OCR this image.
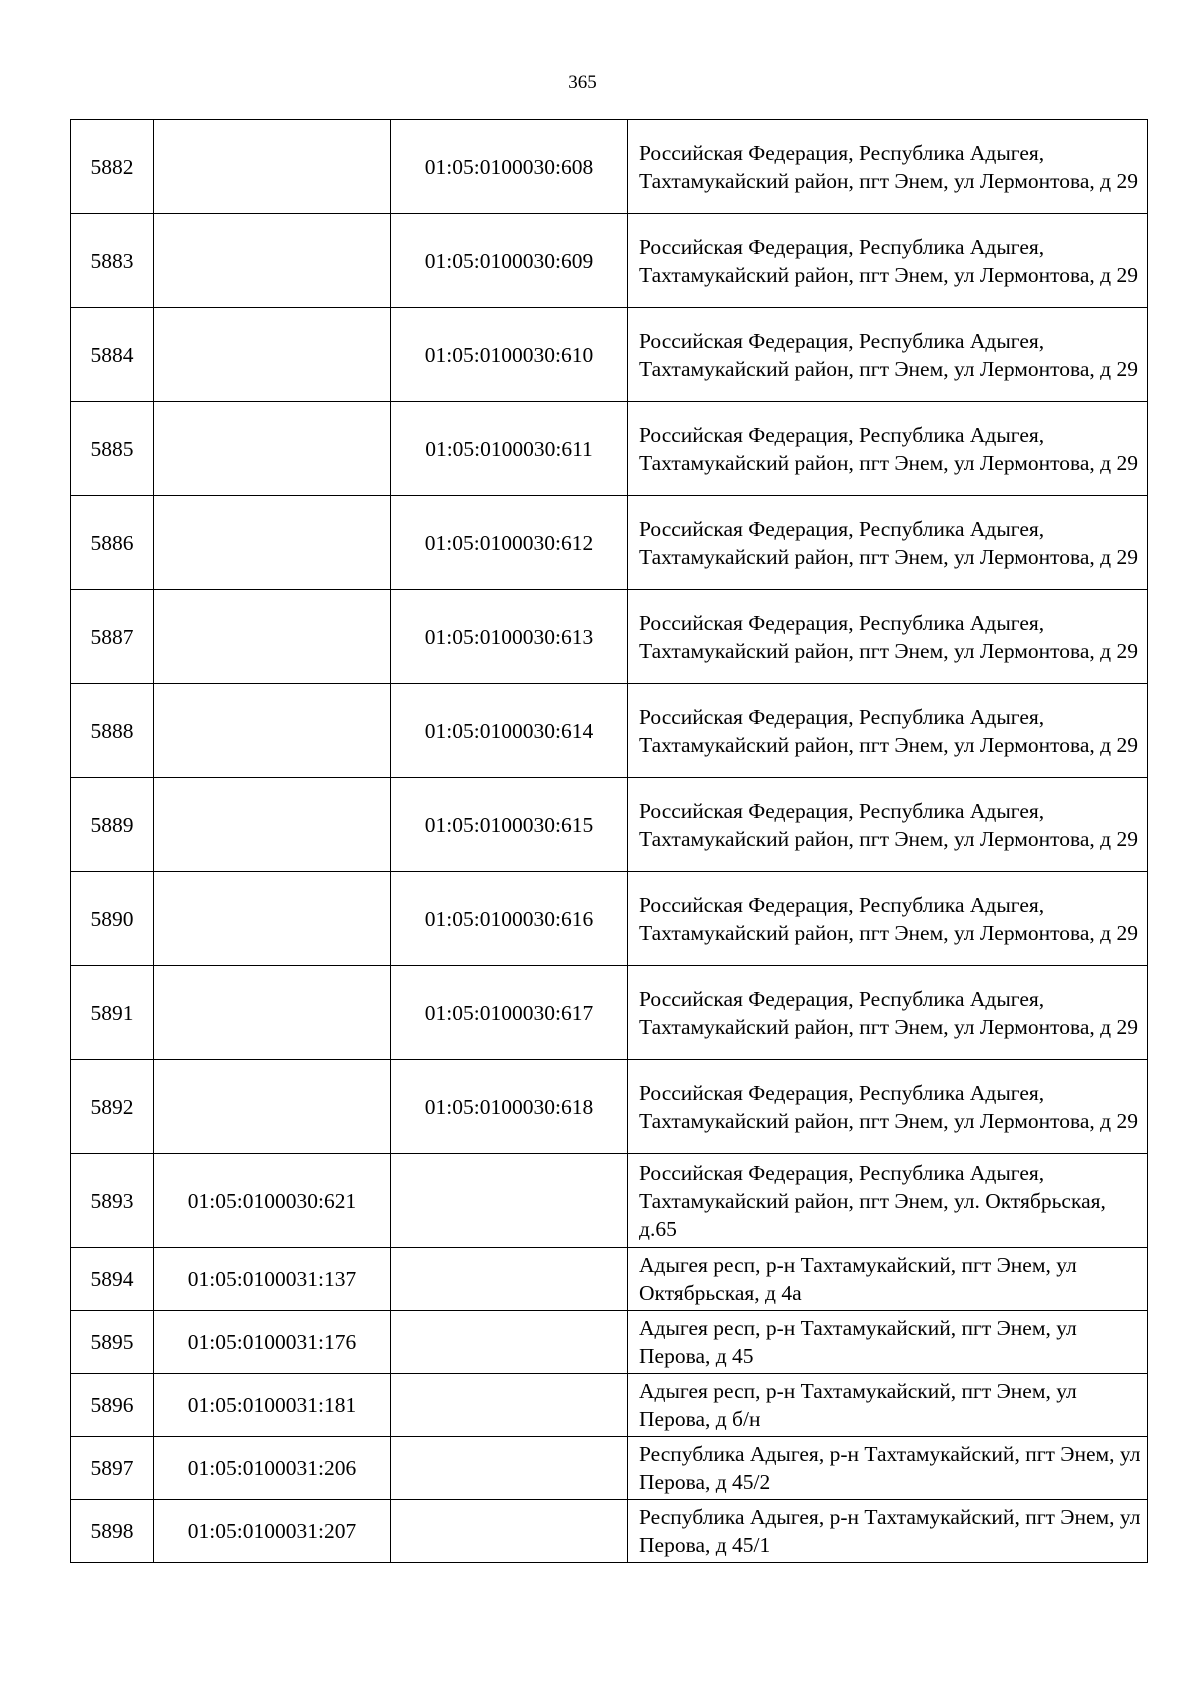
365
5882		01:05:0100030:608	Российская Федерация, Республика Адыгея, Тахтамукайский район, пгт Энем, ул Лермонтова, д 29
5883		01:05:0100030:609	Российская Федерация, Республика Адыгея, Тахтамукайский район, пгт Энем, ул Лермонтова, д 29
5884		01:05:0100030:610	Российская Федерация, Республика Адыгея, Тахтамукайский район, пгт Энем, ул Лермонтова, д 29
5885		01:05:0100030:611	Российская Федерация, Республика Адыгея, Тахтамукайский район, пгт Энем, ул Лермонтова, д 29
5886		01:05:0100030:612	Российская Федерация, Республика Адыгея, Тахтамукайский район, пгт Энем, ул Лермонтова, д 29
5887		01:05:0100030:613	Российская Федерация, Республика Адыгея, Тахтамукайский район, пгт Энем, ул Лермонтова, д 29
5888		01:05:0100030:614	Российская Федерация, Республика Адыгея, Тахтамукайский район, пгт Энем, ул Лермонтова, д 29
5889		01:05:0100030:615	Российская Федерация, Республика Адыгея, Тахтамукайский район, пгт Энем, ул Лермонтова, д 29
5890		01:05:0100030:616	Российская Федерация, Республика Адыгея, Тахтамукайский район, пгт Энем, ул Лермонтова, д 29
5891		01:05:0100030:617	Российская Федерация, Республика Адыгея, Тахтамукайский район, пгт Энем, ул Лермонтова, д 29
5892		01:05:0100030:618	Российская Федерация, Республика Адыгея, Тахтамукайский район, пгт Энем, ул Лермонтова, д 29
5893	01:05:0100030:621		Российская Федерация, Республика Адыгея, Тахтамукайский район, пгт Энем, ул. Октябрьская, д.65
5894	01:05:0100031:137		Адыгея респ, р-н Тахтамукайский, пгт Энем, ул Октябрьская, д 4а
5895	01:05:0100031:176		Адыгея респ, р-н Тахтамукайский, пгт Энем, ул Перова, д 45
5896	01:05:0100031:181		Адыгея респ, р-н Тахтамукайский, пгт Энем, ул Перова, д б/н
5897	01:05:0100031:206		Республика Адыгея, р-н Тахтамукайский, пгт Энем, ул Перова, д 45/2
5898	01:05:0100031:207		Республика Адыгея, р-н Тахтамукайский, пгт Энем, ул Перова, д 45/1
